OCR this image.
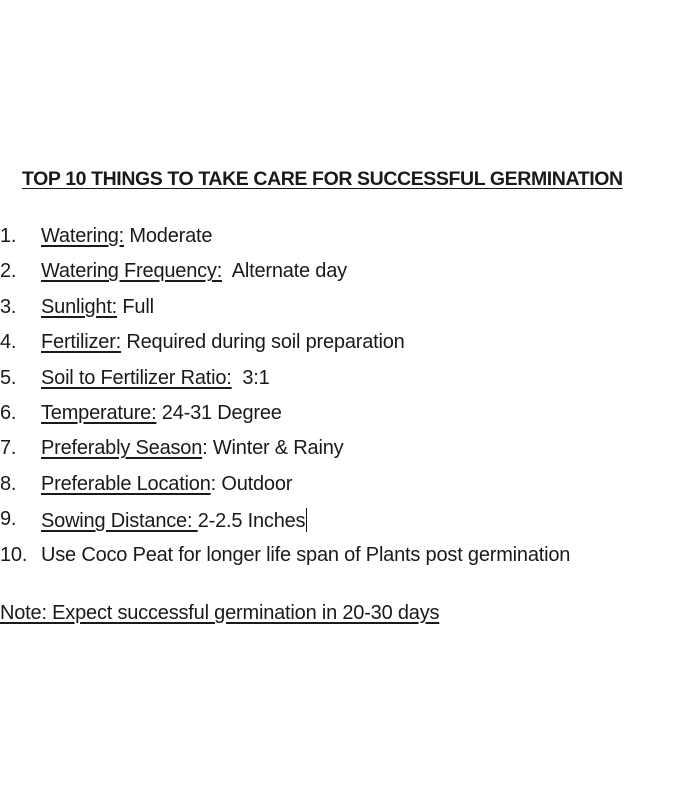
TOP 10 THINGS TO TAKE CARE FOR SUCCESSFUL GERMINATION
1. Watering: Moderate
2. Watering Frequency:  Alternate day
3. Sunlight: Full
4. Fertilizer: Required during soil preparation
5. Soil to Fertilizer Ratio:  3:1
6. Temperature: 24-31 Degree
7. Preferably Season: Winter & Rainy
8. Preferable Location: Outdoor
9. Sowing Distance: 2-2.5 Inches
10. Use Coco Peat for longer life span of Plants post germination
Note: Expect successful germination in 20-30 days
